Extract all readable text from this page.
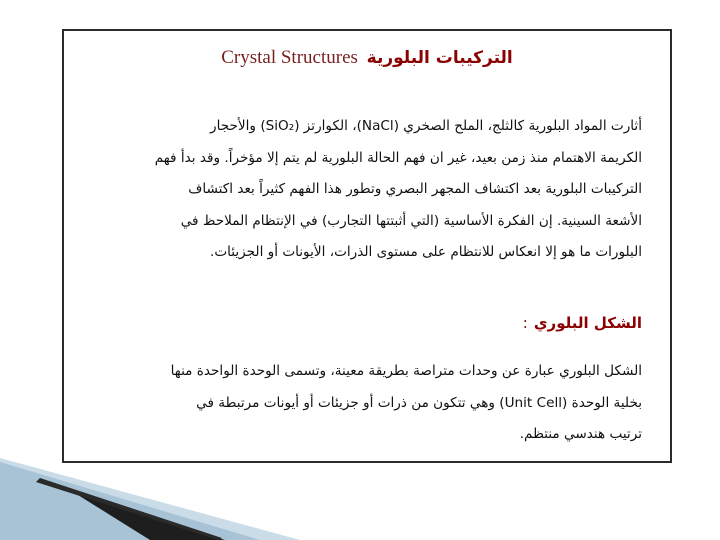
Crystal Structures التركيبات البلورية
أثارت المواد البلورية كالثلج، الملح الصخري (NaCl)، الكوارتز (SiO₂) والأحجار
الكريمة الاهتمام منذ زمن بعيد، غير ان فهم الحالة البلورية لم يتم إلا مؤخراً. وقد بدأ فهم
التركيبات البلورية بعد اكتشاف المجهر البصري وتطور هذا الفهم كثيراً بعد اكتشاف
الأشعة السينية. إن الفكرة الأساسية (التي أثبتتها التجارب) في الإنتظام الملاحظ في
البلورات ما هو إلا انعكاس للانتظام على مستوى الذرات، الأيونات أو الجزيئات.
الشكل البلوري:
الشكل البلوري عبارة عن وحدات متراصة بطريقة معينة، وتسمى الوحدة الواحدة منها
بخلية الوحدة (Unit Cell) وهي تتكون من ذرات أو جزيئات أو أيونات مرتبطة في
ترتيب هندسي منتظم.
